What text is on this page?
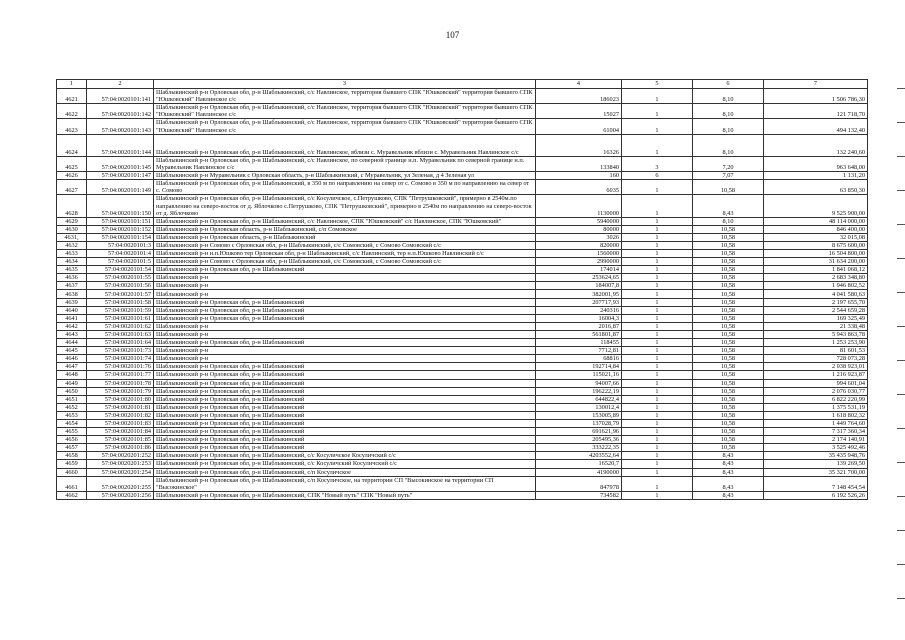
107
1	2	3	4	5	6	7
4621	57:04:0020101:141	Шаблыкинский р-н Орловская обл, р-н Шаблыкинский, с/с Навлинское, территория бывшего СПК "Юшковский" территория бывшего СПК "Юшковский" Навлинское с/с	186023	1	8,10	1 506 786,30
4622	57:04:0020101:142	Шаблыкинский р-н Орловская обл, р-н Шаблыкинский, с/с Навлинское, территория бывшего СПК "Юшковский" территория бывшего СПК "Юшковский" Навлинское с/с	15027	1	8,10	121 718,70
4623	57:04:0020101:143	Шаблыкинский р-н Орловская обл, р-н Шаблыкинский, с/с Навлинское, территория бывшего СПК "Юшковский" территория бывшего СПК "Юшковский" Навлинское с/с	61004	1	8,10	494 132,40
4624	57:04:0020101:144	Шаблыкинский р-н Орловская обл, р-н Шаблыкинский, с/с Навлинское, вблизи с. Муравельник вблизи с. Муравельник Навлинское с/с	16326	1	8,10	132 240,60
4625	57:04:0020101:145	Шаблыкинский р-н Орловская обл, р-н Шаблыкинский, с/с Навлинское, по северной границе н.п. Муравельник по северной границе н.п. Муравельник Навлинское с/с	133840	3	7,20	963 648,00
4626	57:04:0020101:147	Шаблыкинский р-н Муравельник с Орловская область, р-н Шаблыкинский, с Муравельник, ул Зеленая, д 4 Зеленая ул	160	6	7,07	1 131,20
4627	57:04:0020101:149	Шаблыкинский р-н Орловская обл, р-н Шаблыкинский, в 350 м по направлению на север от с. Сомово в 350 м по направлению на север от с. Сомово	6035	1	10,58	63 850,30
4628	57:04:0020101:150	Шаблыкинский р-н Орловская обл, р-н Шаблыкинский, с/с Косуличское, с.Петрушково, СПК "Петрушковский", примерно в 2540м.по направлению на северо-восток от д. Яблочково с.Петрушково, СПК "Петрушковский", примерно в 2540м по направлению на северо-восток от д. Яблочково	1130000	1	8,43	9 525 900,00
4629	57:04:0020101:151	Шаблыкинский р-н Орловская обл, р-н Шаблыкинский, с/с Навлинское, СПК "Юшковский" с/с Навлинское, СПК "Юшковский"	5940000	1	8,10	48 114 000,00
4630	57:04:0020101:152	Шаблыкинский р-н Орловская область, р-н Шаблыкинский, с/п Сомовское	80000	1	10,58	846 400,00
4631,	57:04:0020101:154	Шаблыкинский р-н Орловская область, р-н Шаблыкинский	3026	1	10,58	32 015,08
4632	57:04:0020101:3	Шаблыкинский р-н Сомово с Орловская обл, р-н Шаблыкинский, с/с Сомовский, с Сомово Сомовский с/с	820000	1	10,58	8 675 600,00
4633	57:04:0020101:4	Шаблыкинский р-н н.п.Юшково тер Орловская обл, р-н Шаблыкинский, с/с Навлинский, тер н.п.Юшково Навлинский с/с	1560000	1	10,58	16 504 800,00
4634	57:04:0020101:5	Шаблыкинский р-н Сомово с Орловская обл, р-н Шаблыкинский, с/с Сомовский, с Сомово Сомовский с/с	2990000	1	10,58	31 634 200,00
4635	57:04:0020101:54	Шаблыкинский р-н Орловская обл, р-н Шаблыкинский	174014	1	10,58	1 841 068,12
4636	57:04:0020101:55	Шаблыкинский р-н	253624,65	1	10,58	2 683 348,80
4637	57:04:0020101:56	Шаблыкинский р-н	184007,8	1	10,58	1 946 802,52
4638	57:04:0020101:57	Шаблыкинский р-н	382001,95	1	10,58	4 041 580,63
4639	57:04:0020101:58	Шаблыкинский р-н Орловская обл, р-н Шаблыкинский	207717,93	1	10,58	2 197 655,70
4640	57:04:0020101:59	Шаблыкинский р-н Орловская обл, р-н Шаблыкинский	240316	1	10,58	2 544 659,28
4641	57:04:0020101:61	Шаблыкинский р-н Орловская обл, р-н Шаблыкинский	16004,3	1	10,58	169 325,49
4642	57:04:0020101:62	Шаблыкинский р-н	2016,87	1	10,58	21 338,48
4643	57:04:0020101:63	Шаблыкинский р-н	561801,87	1	10,58	5 943 863,78
4644	57:04:0020101:64	Шаблыкинский р-н Орловская обл, р-н Шаблыкинский	118455	1	10,58	1 253 253,90
4645	57:04:0020101:73	Шаблыкинский р-н	7712,81	1	10,58	81 601,53
4646	57:04:0020101:74	Шаблыкинский р-н	68816	1	10,58	728 073,28
4647	57:04:0020101:76	Шаблыкинский р-н Орловская обл, р-н Шаблыкинский	192714,84	1	10,58	2 038 923,01
4648	57:04:0020101:77	Шаблыкинский р-н Орловская обл, р-н Шаблыкинский	115021,16	1	10,58	1 216 923,87
4649	57:04:0020101:78	Шаблыкинский р-н Орловская обл, р-н Шаблыкинский	94007,66	1	10,58	994 601,04
4650	57:04:0020101:79	Шаблыкинский р-н Орловская обл, р-н Шаблыкинский	196222,19	1	10,58	2 076 030,77
4651	57:04:0020101:80	Шаблыкинский р-н Орловская обл, р-н Шаблыкинский	644822,4	1	10,58	6 822 220,99
4652	57:04:0020101:81	Шаблыкинский р-н Орловская обл, р-н Шаблыкинский	130012,4	1	10,58	1 375 531,19
4653	57:04:0020101:82	Шаблыкинский р-н Орловская обл, р-н Шаблыкинский	153005,89	1	10,58	1 618 802,32
4654	57:04:0020101:83	Шаблыкинский р-н Орловская обл, р-н Шаблыкинский	137028,79	1	10,58	1 449 764,60
4655	57:04:0020101:84	Шаблыкинский р-н Орловская обл, р-н Шаблыкинский	691621,96	1	10,58	7 317 360,34
4656	57:04:0020101:85	Шаблыкинский р-н Орловская обл, р-н Шаблыкинский	205495,36	1	10,58	2 174 140,91
4657	57:04:0020101:86	Шаблыкинский р-н Орловская обл, р-н Шаблыкинский	333222,35	1	10,58	3 525 492,46
4658	57:04:0020201:252	Шаблыкинский р-н Орловская обл, р-н Шаблыкинский, с/с Косуличское Косуличский с/с	4203552,64	1	8,43	35 435 948,76
4659	57:04:0020201:253	Шаблыкинский р-н Орловская обл, р-н Шаблыкинский, с/с Косуличский Косуличский с/с	16520,7	1	8,43	139 269,50
4660	57:04:0020201:254	Шаблыкинский р-н Орловская обл, р-н Шаблыкинский, с/п Косуличское	4190000	1	8,43	35 321 700,00
4661	57:04:0020201:255	Шаблыкинский р-н Орловская обл, р-н Шаблыкинский, с/п Косуличское, на территории СП "Высокинское на территории СП "Высокинское"	847978	1	8,43	7 148 454,54
4662	57:04:0020201:256	Шаблыкинский р-н Орловская обл, р-н Шаблыкинский, СПК "Новый путь" СПК "Новый путь"	734582	1	8,43	6 192 526,26
